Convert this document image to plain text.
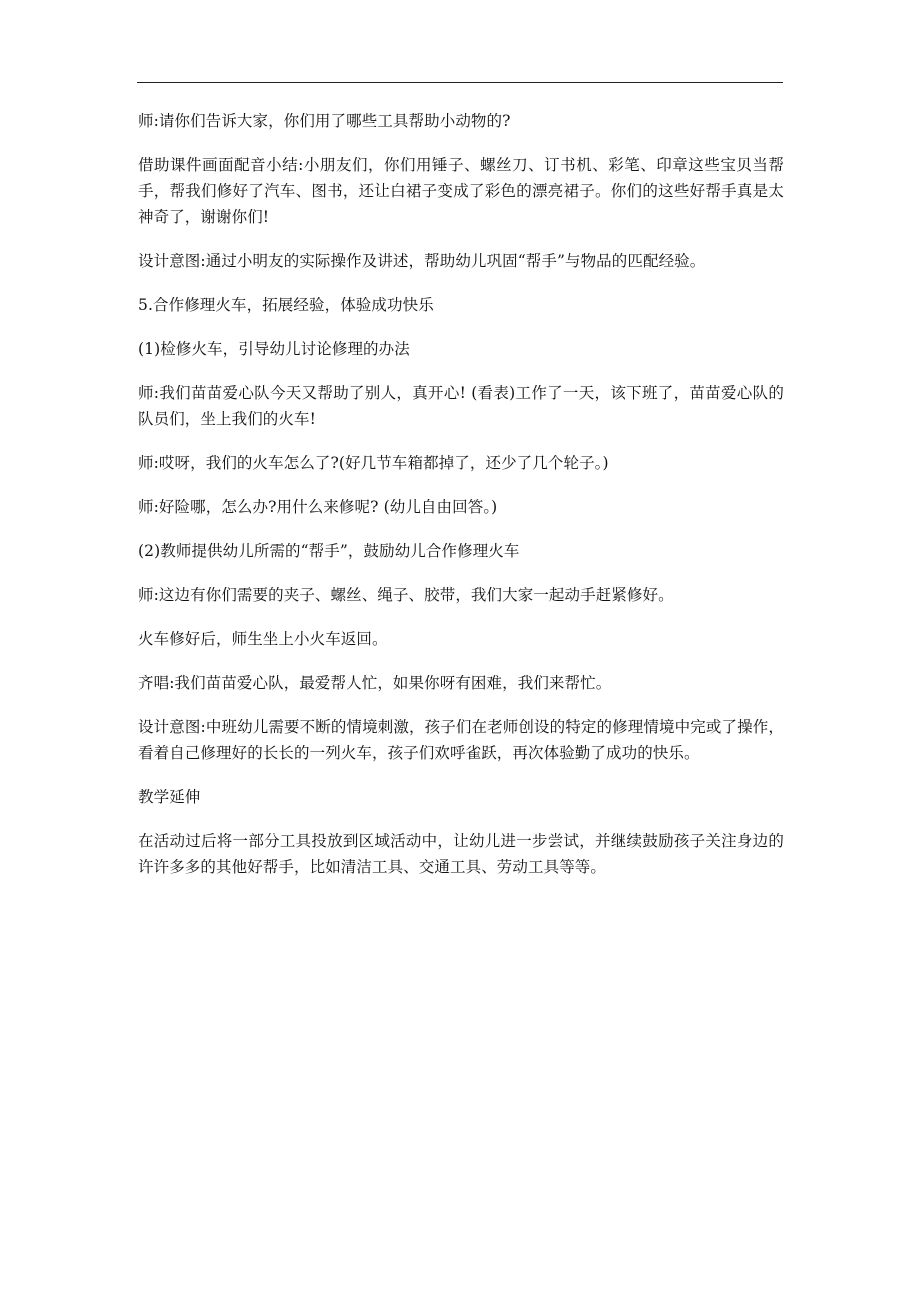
师:请你们告诉大家，你们用了哪些工具帮助小动物的?

借助课件画面配音小结:小朋友们，你们用锤子、螺丝刀、订书机、彩笔、印章这些宝贝当帮手，帮我们修好了汽车、图书，还让白裙子变成了彩色的漂亮裙子。你们的这些好帮手真是太神奇了，谢谢你们!

设计意图:通过小明友的实际操作及讲述，帮助幼儿巩固“帮手”与物品的匹配经验。

5.合作修理火车，拓展经验，体验成功快乐

(1)检修火车，引导幼儿讨论修理的办法

师:我们苗苗爱心队今天又帮助了别人，真开心! (看表)工作了一天，该下班了，苗苗爱心队的队员们，坐上我们的火车!

师:哎呀，我们的火车怎么了?(好几节车箱都掉了，还少了几个轮子。)

师:好险哪，怎么办?用什么来修呢? (幼儿自由回答。)

(2)教师提供幼儿所需的“帮手”，鼓励幼儿合作修理火车

师:这边有你们需要的夹子、螺丝、绳子、胶带，我们大家一起动手赶紧修好。

火车修好后，师生坐上小火车返回。

齐唱:我们苗苗爱心队，最爱帮人忙，如果你呀有困难，我们来帮忙。

设计意图:中班幼儿需要不断的情境刺激，孩子们在老师创设的特定的修理情境中完或了操作，看着自己修理好的长长的一列火车，孩子们欢呼雀跃，再次体验勤了成功的快乐。

教学延伸

在活动过后将一部分工具投放到区域活动中，让幼儿进一步尝试，并继续鼓励孩子关注身边的许许多多的其他好帮手，比如清洁工具、交通工具、劳动工具等等。
